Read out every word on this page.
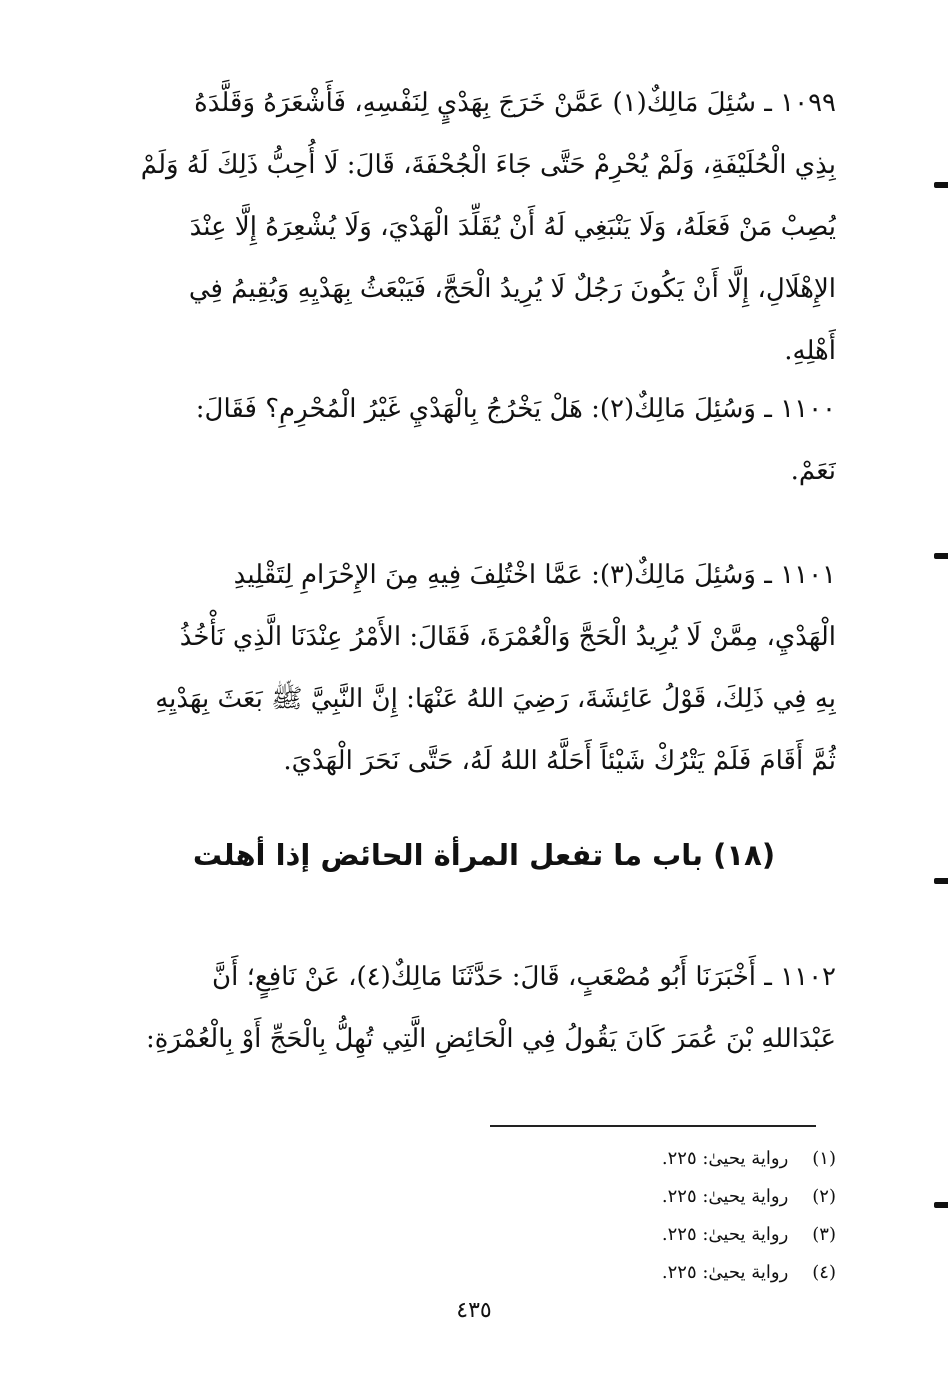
١٠٩٩ ـ سُئِلَ مَالِكٌ(١) عَمَّنْ خَرَجَ بِهَدْيٍ لِنَفْسِهِ، فَأَشْعَرَهُ وَقَلَّدَهُ
بِذِي الْحُلَيْفَةِ، وَلَمْ يُحْرِمْ حَتَّى جَاءَ الْجُحْفَةَ، قَالَ: لَا أُحِبُّ ذَلِكَ لَهُ وَلَمْ
يُصِبْ مَنْ فَعَلَهُ، وَلَا يَنْبَغِي لَهُ أَنْ يُقَلِّدَ الْهَدْيَ، وَلَا يُشْعِرَهُ إِلَّا عِنْدَ
الإِهْلَالِ، إِلَّا أَنْ يَكُونَ رَجُلٌ لَا يُرِيدُ الْحَجَّ، فَيَبْعَثُ بِهَدْيِهِ وَيُقِيمُ فِي
أَهْلِهِ.
١١٠٠ ـ وَسُئِلَ مَالِكٌ(٢): هَلْ يَخْرُجُ بِالْهَدْيِ غَيْرُ الْمُحْرِمِ؟ فَقَالَ:
نَعَمْ.
١١٠١ ـ وَسُئِلَ مَالِكٌ(٣): عَمَّا اخْتُلِفَ فِيهِ مِنَ الإِحْرَامِ لِتَقْلِيدِ
الْهَدْيِ، مِمَّنْ لَا يُرِيدُ الْحَجَّ وَالْعُمْرَةَ، فَقَالَ: الأَمْرُ عِنْدَنَا الَّذِي نَأْخُذُ
بِهِ فِي ذَلِكَ، قَوْلُ عَائِشَةَ، رَضِيَ اللهُ عَنْهَا: إِنَّ النَّبِيَّ ﷺ بَعَثَ بِهَدْيِهِ
ثُمَّ أَقَامَ فَلَمْ يَتْرُكْ شَيْئاً أَحَلَّهُ اللهُ لَهُ، حَتَّى نَحَرَ الْهَدْيَ.
(١٨) باب ما تفعل المرأة الحائض إذا أهلت
١١٠٢ ـ أَخْبَرَنَا أَبُو مُصْعَبٍ، قَالَ: حَدَّثَنَا مَالِكٌ(٤)، عَنْ نَافِعٍ؛ أَنَّ
عَبْدَاللهِ بْنَ عُمَرَ كَانَ يَقُولُ فِي الْحَائِضِ الَّتِي تُهِلُّ بِالْحَجِّ أَوْ بِالْعُمْرَةِ:
(١) رواية يحيىٰ: ٢٢٥.
(٢) رواية يحيىٰ: ٢٢٥.
(٣) رواية يحيىٰ: ٢٢٥.
(٤) رواية يحيىٰ: ٢٢٥.
٤٣٥
